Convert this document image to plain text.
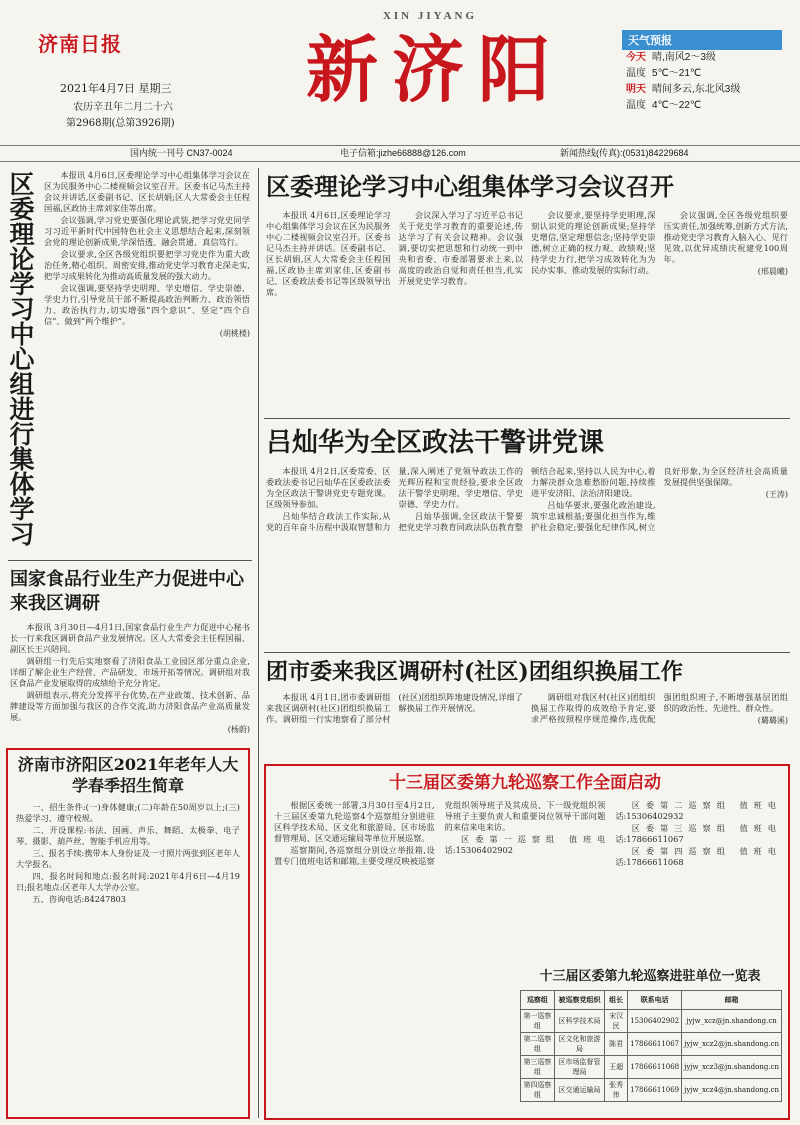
济南日报
XIN JIYANG
新济阳
2021年4月7日 星期三
农历辛丑年二月二十六
第2968期(总第3926期)
天气预报
今天 晴,南风2～3级
温度 5℃～21℃
明天 晴间多云,东北风3级
温度 4℃～22℃
国内统一刊号 CN37-0024	电子信箱:jizhe66888@126.com	新闻热线(传真):(0531)84229684
区委理论学习中心组进行集体学习

本报讯 4月6日,区委理论学习中心组集体学习会议在区为民服务中心二楼视频会议室召开。区委书记马杰主持会议并讲话,区委副书记、区长胡娟;区人大常委会主任程国福,区政协主席刘家佳等出席。

会议强调,学习党史要强化理论武装,把学习党史同学习习近平新时代中国特色社会主义思想结合起来,深刻领会党的理论创新成果,学深悟透、融会贯通、真信笃行。

会议要求,全区各级党组织要把学习党史作为重大政治任务,精心组织、周密安排,推动党史学习教育走深走实,把学习成果转化为推动高质量发展的强大动力。

会议强调,要坚持学史明理、学史增信、学史崇德、学史力行,引导党员干部不断提高政治判断力、政治领悟力、政治执行力,切实增强“四个意识”、坚定“四个自信”、做到“两个维护”。

(胡桃楼)
国家食品行业生产力促进中心来我区调研

本报讯 3月30日—4月1日,国家食品行业生产力促进中心秘书长一行来我区调研食品产业发展情况。区人大常委会主任程国福、副区长王兴陪同。

调研组一行先后实地察看了济阳食品工业园区部分重点企业,详细了解企业生产经营、产品研发、市场开拓等情况。调研组对我区食品产业发展取得的成绩给予充分肯定。

调研组表示,将充分发挥平台优势,在产业政策、技术创新、品牌建设等方面加强与我区的合作交流,助力济阳食品产业高质量发展。

(杨蔚)
济南市济阳区2021年老年人大学春季招生简章

一、招生条件:(一)身体健康;(二)年龄在50周岁以上;(三)热爱学习、遵守校规。

二、开设课程:书法、国画、声乐、舞蹈、太极拳、电子琴、摄影、葫芦丝、智能手机应用等。

三、报名手续:携带本人身份证及一寸照片两张到区老年人大学报名。

四、报名时间和地点:报名时间:2021年4月6日—4月19日;报名地点:区老年人大学办公室。

五、咨询电话:84247803

区委理论学习中心组集体学习会议召开

本报讯 4月6日,区委理论学习中心组集体学习会议在区为民服务中心二楼视频会议室召开。区委书记马杰主持并讲话。区委副书记、区长胡娟,区人大常委会主任程国福,区政协主席刘家佳,区委副书记、区委政法委书记等区级领导出席。

会议深入学习了习近平总书记关于党史学习教育的重要论述,传达学习了有关会议精神。会议强调,要切实把思想和行动统一到中央和省委、市委部署要求上来,以高度的政治自觉和责任担当,扎实开展党史学习教育。

会议要求,要坚持学史明理,深刻认识党的理论创新成果;坚持学史增信,坚定理想信念;坚持学史崇德,树立正确的权力观、政绩观;坚持学史力行,把学习成效转化为为民办实事、推动发展的实际行动。

会议强调,全区各级党组织要压实责任,加强统筹,创新方式方法,推动党史学习教育入脑入心、见行见效,以优异成绩庆祝建党100周年。

(邢晨曦)
吕灿华为全区政法干警讲党课

本报讯 4月2日,区委常委、区委政法委书记吕灿华在区委政法委为全区政法干警讲党史专题党课。区级领导参加。

吕灿华结合政法工作实际,从党的百年奋斗历程中汲取智慧和力量,深入阐述了党领导政法工作的光辉历程和宝贵经验,要求全区政法干警学史明理、学史增信、学史崇德、学史力行。

吕灿华强调,全区政法干警要把党史学习教育同政法队伍教育整顿结合起来,坚持以人民为中心,着力解决群众急难愁盼问题,持续推进平安济阳、法治济阳建设。

吕灿华要求,要强化政治建设,筑牢忠诚根基;要强化担当作为,维护社会稳定;要强化纪律作风,树立良好形象,为全区经济社会高质量发展提供坚强保障。

(王涛)
团市委来我区调研村(社区)团组织换届工作

本报讯 4月1日,团市委调研组来我区调研村(社区)团组织换届工作。调研组一行实地察看了部分村(社区)团组织阵地建设情况,详细了解换届工作开展情况。

调研组对我区村(社区)团组织换届工作取得的成效给予肯定,要求严格按照程序规范操作,选优配强团组织班子,不断增强基层团组织的政治性、先进性、群众性。

(璐璐溪)
十三届区委第九轮巡察工作全面启动

根据区委统一部署,3月30日至4月2日,十三届区委第九轮巡察4个巡察组分别进驻区科学技术局、区文化和旅游局、区市场监督管理局、区交通运输局等单位开展巡察。

巡察期间,各巡察组分别设立举报箱,设置专门值班电话和邮箱,主要受理反映被巡察党组织领导班子及其成员、下一级党组织领导班子主要负责人和重要岗位领导干部问题的来信来电来访。

区委第一巡察组 值班电话:15306402902

区委第二巡察组 值班电话:15306402932

区委第三巡察组 值班电话:17866611067

区委第四巡察组 值班电话:17866611068

十三届区委第九轮巡察进驻单位一览表
巡察组	被巡察党组织	组长	联系电话	邮箱
第一巡察组	区科学技术局	宋汉民	15306402902	jyjw_xcz@jn.shandong.cn
第二巡察组	区文化和旅游局	陈君	17866611067	jyjw_xcz2@jn.shandong.cn
第三巡察组	区市场监督管理局	王超	17866611068	jyjw_xcz3@jn.shandong.cn
第四巡察组	区交通运输局	张秀伟	17866611069	jyjw_xcz4@jn.shandong.cn
